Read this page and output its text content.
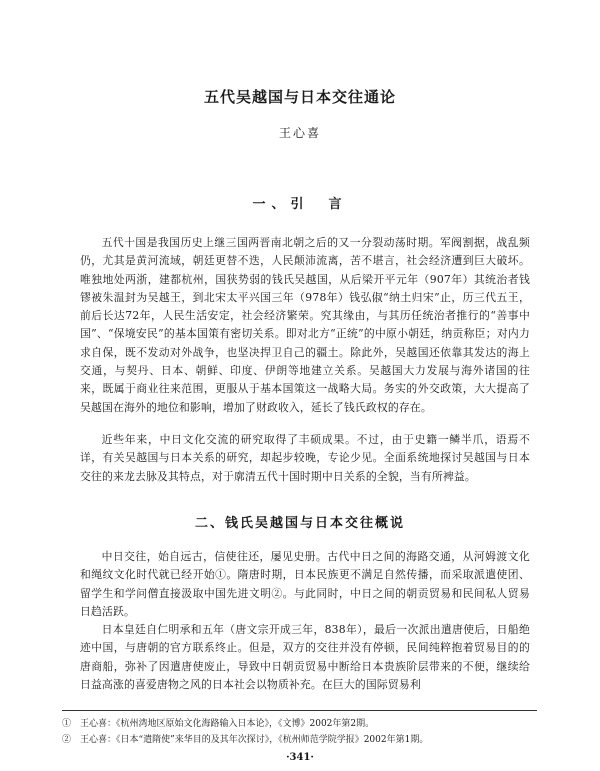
五代吴越国与日本交往通论
王心喜
一、引　言

五代十国是我国历史上继三国两晋南北朝之后的又一分裂动荡时期。军阀割据，战乱频仍，尤其是黄河流域，朝廷更替不迭，人民颠沛流离，苦不堪言，社会经济遭到巨大破坏。唯独地处两浙，建都杭州，国狭势弱的钱氏吴越国，从后梁开平元年（907年）其统治者钱镠被朱温封为吴越王，到北宋太平兴国三年（978年）钱弘俶“纳土归宋”止，历三代五王，前后长达72年，人民生活安定，社会经济繁荣。究其缘由，与其历任统治者推行的“善事中国”、“保境安民”的基本国策有密切关系。即对北方“正统”的中原小朝廷，纳贡称臣；对内力求自保，既不发动对外战争，也坚决捍卫自己的疆土。除此外，吴越国还依靠其发达的海上交通，与契丹、日本、朝鲜、印度、伊朗等地建立关系。吴越国大力发展与海外诸国的往来，既属于商业往来范围，更服从于基本国策这一战略大局。务实的外交政策，大大提高了吴越国在海外的地位和影响，增加了财政收入，延长了钱氏政权的存在。

近些年来，中日文化交流的研究取得了丰硕成果。不过，由于史籍一鳞半爪，语焉不详，有关吴越国与日本关系的研究，却起步较晚，专论少见。全面系统地探讨吴越国与日本交往的来龙去脉及其特点，对于廓清五代十国时期中日关系的全貌，当有所裨益。

二、钱氏吴越国与日本交往概说

中日交往，始自远古，信使往还，屡见史册。古代中日之间的海路交通，从河姆渡文化和绳纹文化时代就已经开始①。隋唐时期，日本民族更不满足自然传播，而采取派遣使团、留学生和学问僧直接汲取中国先进文明②。与此同时，中日之间的朝贡贸易和民间私人贸易日趋活跃。

日本皇廷自仁明承和五年（唐文宗开成三年，838年），最后一次派出遣唐使后，日船绝迹中国，与唐朝的官方联系终止。但是，双方的交往并没有停顿，民间纯粹抱着贸易目的的唐商船，弥补了因遣唐使废止，导致中日朝贡贸易中断给日本贵族阶层带来的不便，继续给日益高涨的喜爱唐物之风的日本社会以物质补充。在巨大的国际贸易利

①　王心喜：《杭州湾地区原始文化海路输入日本论》，《文博》2002年第2期。
②　王心喜：《日本“遣隋使”来华目的及其年次探讨》，《杭州师范学院学报》2002年第1期。
·341·
